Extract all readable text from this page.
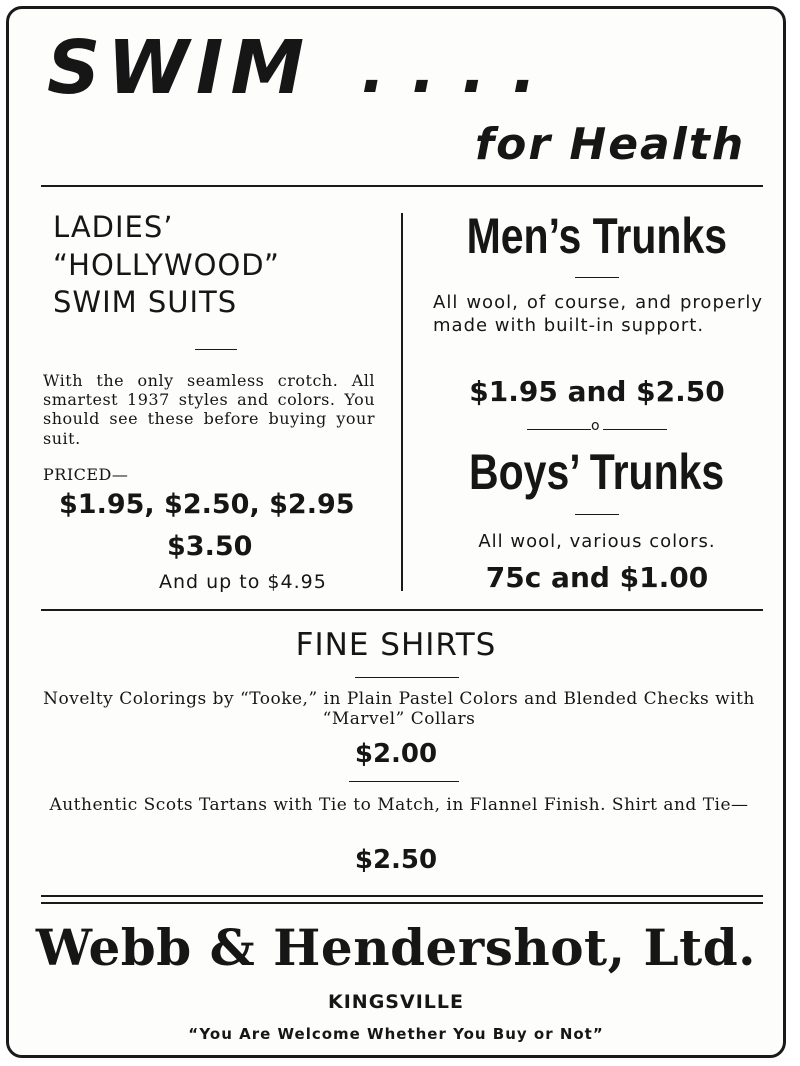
SWIM ....
for Health
LADIES’
“HOLLYWOOD”
SWIM SUITS
With the only seamless crotch. All smartest 1937 styles and colors. You should see these before buying your suit.
PRICED—
$1.95, $2.50, $2.95
$3.50
And up to $4.95
Men’s Trunks
All wool, of course, and properly made with built-in support.
$1.95 and $2.50
o
Boys’ Trunks
All wool, various colors.
75c and $1.00
FINE SHIRTS
Novelty Colorings by “Tooke,” in Plain Pastel Colors and Blended Checks with “Marvel” Collars
$2.00
Authentic Scots Tartans with Tie to Match, in Flannel Finish. Shirt and Tie—
$2.50
Webb & Hendershot, Ltd.
KINGSVILLE
“You Are Welcome Whether You Buy or Not”
